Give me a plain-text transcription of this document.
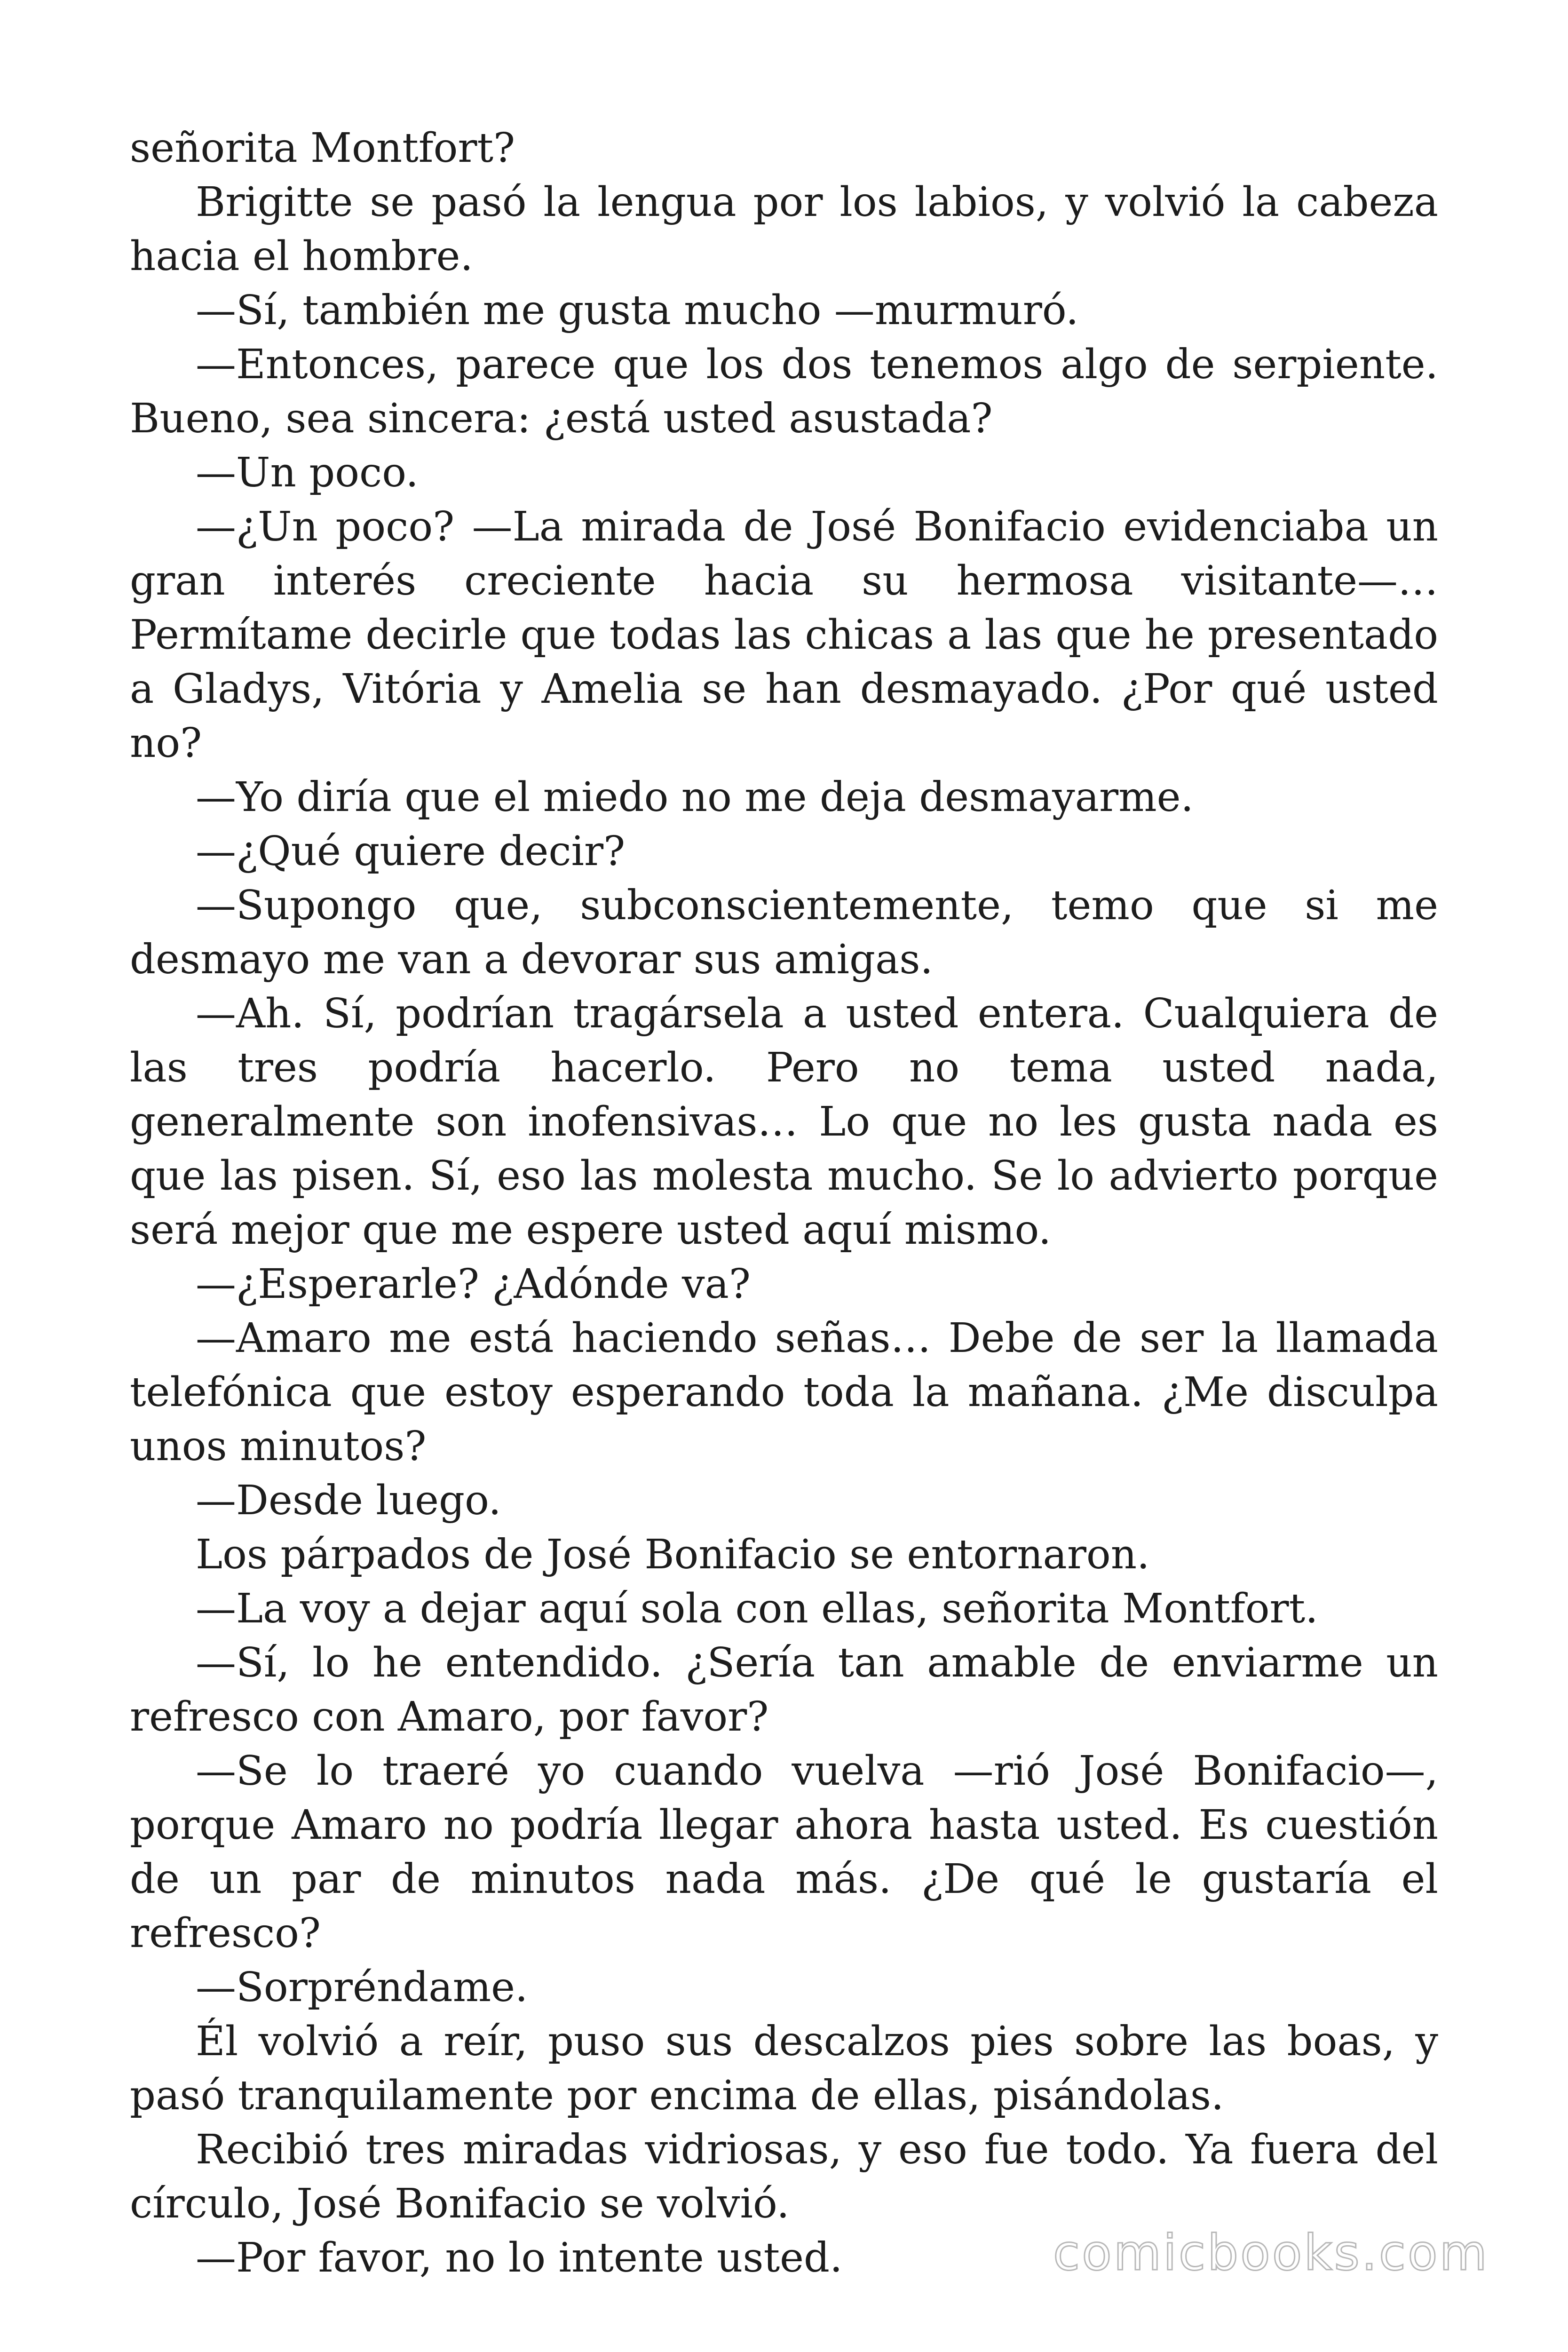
señorita Montfort?

Brigitte se pasó la lengua por los labios, y volvió la cabeza hacia el hombre.

—Sí, también me gusta mucho —murmuró.

—Entonces, parece que los dos tenemos algo de serpiente. Bueno, sea sincera: ¿está usted asustada?

—Un poco.

—¿Un poco? —La mirada de José Bonifacio evidenciaba un gran interés creciente hacia su hermosa visitante—… Permítame decirle que todas las chicas a las que he presentado a Gladys, Vitória y Amelia se han desmayado. ¿Por qué usted no?

—Yo diría que el miedo no me deja desmayarme.

—¿Qué quiere decir?

—Supongo que, subconscientemente, temo que si me desmayo me van a devorar sus amigas.

—Ah. Sí, podrían tragársela a usted entera. Cualquiera de las tres podría hacerlo. Pero no tema usted nada, generalmente son inofensivas… Lo que no les gusta nada es que las pisen. Sí, eso las molesta mucho. Se lo advierto porque será mejor que me espere usted aquí mismo.

—¿Esperarle? ¿Adónde va?

—Amaro me está haciendo señas… Debe de ser la llamada telefónica que estoy esperando toda la mañana. ¿Me disculpa unos minutos?

—Desde luego.

Los párpados de José Bonifacio se entornaron.

—La voy a dejar aquí sola con ellas, señorita Montfort.

—Sí, lo he entendido. ¿Sería tan amable de enviarme un refresco con Amaro, por favor?

—Se lo traeré yo cuando vuelva —rió José Bonifacio—, porque Amaro no podría llegar ahora hasta usted. Es cuestión de un par de minutos nada más. ¿De qué le gustaría el refresco?

—Sorpréndame.

Él volvió a reír, puso sus descalzos pies sobre las boas, y pasó tranquilamente por encima de ellas, pisándolas.

Recibió tres miradas vidriosas, y eso fue todo. Ya fuera del círculo, José Bonifacio se volvió.

—Por favor, no lo intente usted.	comicbooks.com
